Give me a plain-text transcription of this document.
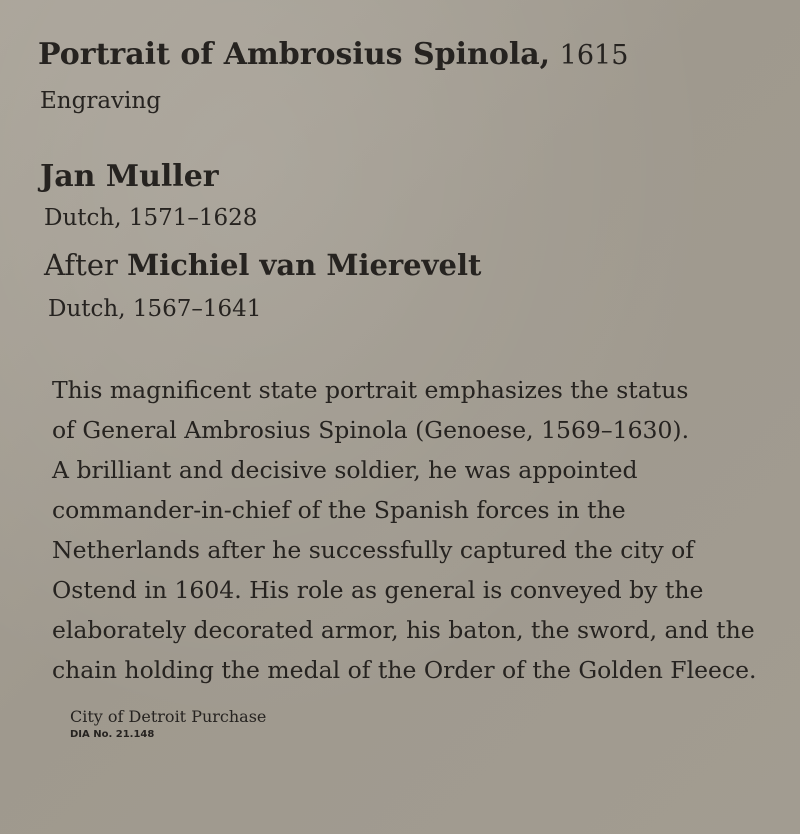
Portrait of Ambrosius Spinola, 1615
Engraving
Jan Muller
Dutch, 1571–1628
After Michiel van Mierevelt
Dutch, 1567–1641
This magnificent state portrait emphasizes the status
of General Ambrosius Spinola (Genoese, 1569–1630).
A brilliant and decisive soldier, he was appointed
commander-in-chief of the Spanish forces in the
Netherlands after he successfully captured the city of
Ostend in 1604. His role as general is conveyed by the
elaborately decorated armor, his baton, the sword, and the
chain holding the medal of the Order of the Golden Fleece.
City of Detroit Purchase
DIA No. 21.148
